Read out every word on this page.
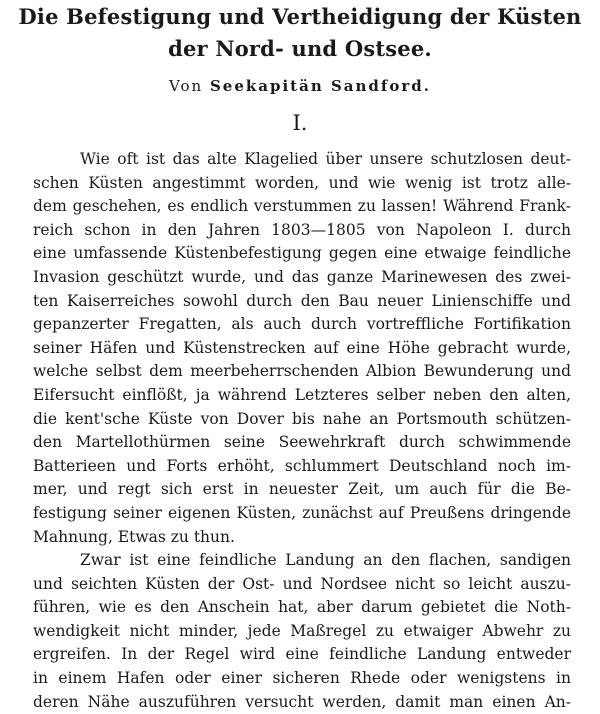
Die Befestigung und Vertheidigung der Küsten
der Nord- und Ostsee.
Von Seekapitän Sandford.
I.
Wie oft ist das alte Klagelied über unsere schutzlosen deut-
schen Küsten angestimmt worden, und wie wenig ist trotz alle-
dem geschehen, es endlich verstummen zu lassen! Während Frank-
reich schon in den Jahren 1803—1805 von Napoleon I. durch
eine umfassende Küstenbefestigung gegen eine etwaige feindliche
Invasion geschützt wurde, und das ganze Marinewesen des zwei-
ten Kaiserreiches sowohl durch den Bau neuer Linienschiffe und
gepanzerter Fregatten, als auch durch vortreffliche Fortifikation
seiner Häfen und Küstenstrecken auf eine Höhe gebracht wurde,
welche selbst dem meerbeherrschenden Albion Bewunderung und
Eifersucht einflößt, ja während Letzteres selber neben den alten,
die kent'sche Küste von Dover bis nahe an Portsmouth schützen-
den Martellothürmen seine Seewehrkraft durch schwimmende
Batterieen und Forts erhöht, schlummert Deutschland noch im-
mer, und regt sich erst in neuester Zeit, um auch für die Be-
festigung seiner eigenen Küsten, zunächst auf Preußens dringende
Mahnung, Etwas zu thun.
Zwar ist eine feindliche Landung an den flachen, sandigen
und seichten Küsten der Ost- und Nordsee nicht so leicht auszu-
führen, wie es den Anschein hat, aber darum gebietet die Noth-
wendigkeit nicht minder, jede Maßregel zu etwaiger Abwehr zu
ergreifen. In der Regel wird eine feindliche Landung entweder
in einem Hafen oder einer sicheren Rhede oder wenigstens in
deren Nähe auszuführen versucht werden, damit man einen An-
